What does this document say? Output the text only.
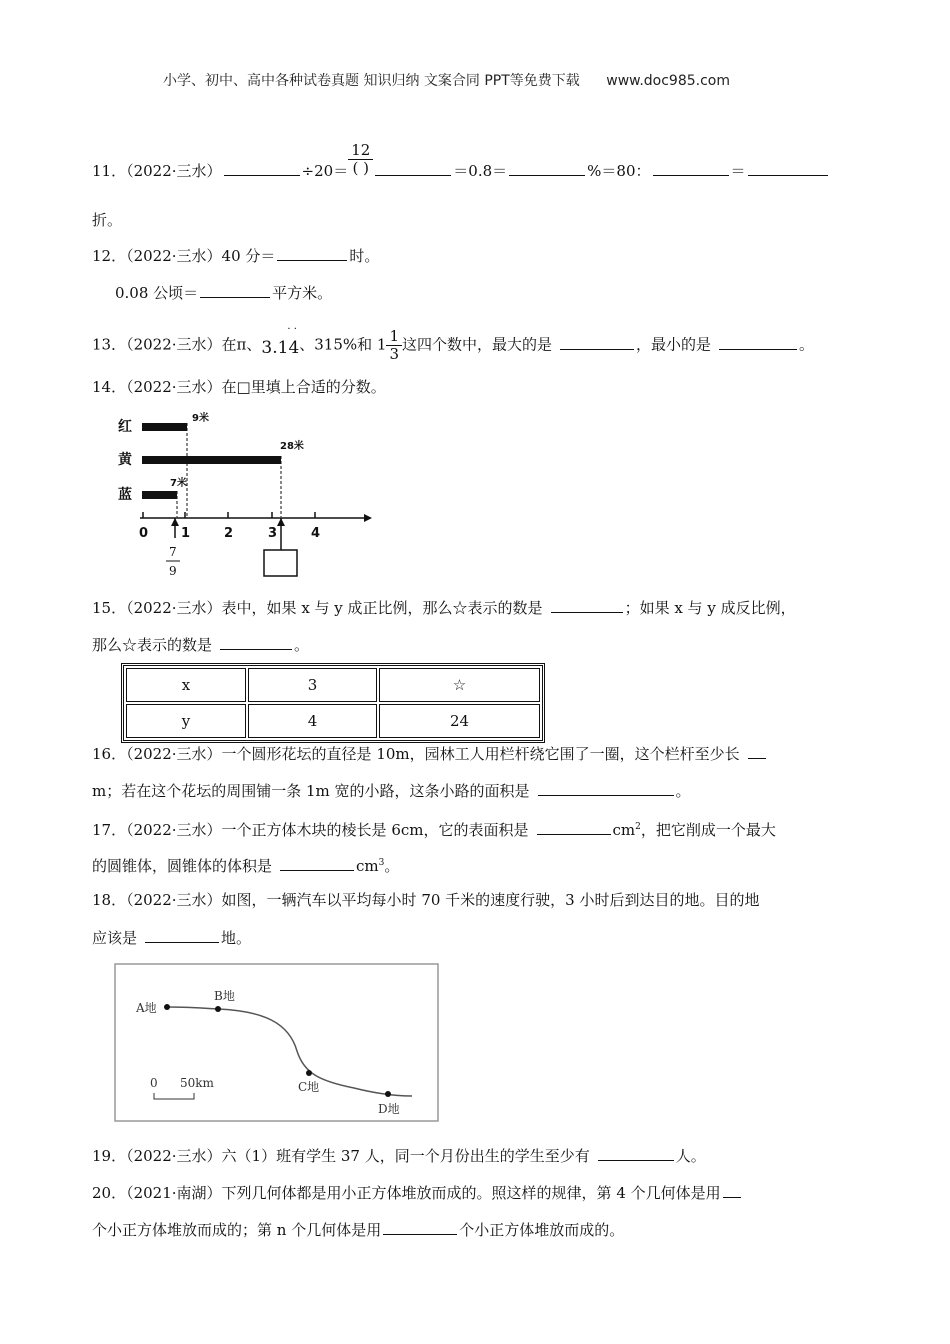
小学、初中、高中各种试卷真题 知识归纳 文案合同 PPT等免费下载 www.doc985.com
11．（2022·三水）	$\div 20= \frac{12}{( )}$	＝0.8＝	%＝80：	＝
折。
12．（2022·三水）40 分＝	时。
0.08 公顷＝	平方米。
13．（2022·三水）在π、
· ·
3.14、315%和 $1 \frac{1}{3}$ 这四个数中，最大的是	，最小的是	。
14．（2022·三水）在□里填上合适的分数。
红
黄
蓝
9米
28米
7米
0	1	2	3	4
7
9
15．（2022·三水）表中，如果 x 与 y 成正比例，那么☆表示的数是	；如果 x 与 y 成反比例，
那么☆表示的数是	。
x	3	☆
y	4	24
16．（2022·三水）一个圆形花坛的直径是 10m，园林工人用栏杆绕它围了一圈，这个栏杆至少长
m；若在这个花坛的周围铺一条 1m 宽的小路，这条小路的面积是	。
17．（2022·三水）一个正方体木块的棱长是 6cm，它的表面积是	$cm^2$，把它削成一个最大
的圆锥体，圆锥体的体积是	$cm^3$。
18．（2022·三水）如图，一辆汽车以平均每小时 70 千米的速度行驶，3 小时后到达目的地。目的地
应该是	地。
A地
B地
C地
D地
0 50km
19．（2022·三水）六（1）班有学生 37 人，同一个月份出生的学生至少有	人。
20．（2021·南湖）下列几何体都是用小正方体堆放而成的。照这样的规律，第 4 个几何体是用
个小正方体堆放而成的；第 n 个几何体是用	个小正方体堆放而成的。
